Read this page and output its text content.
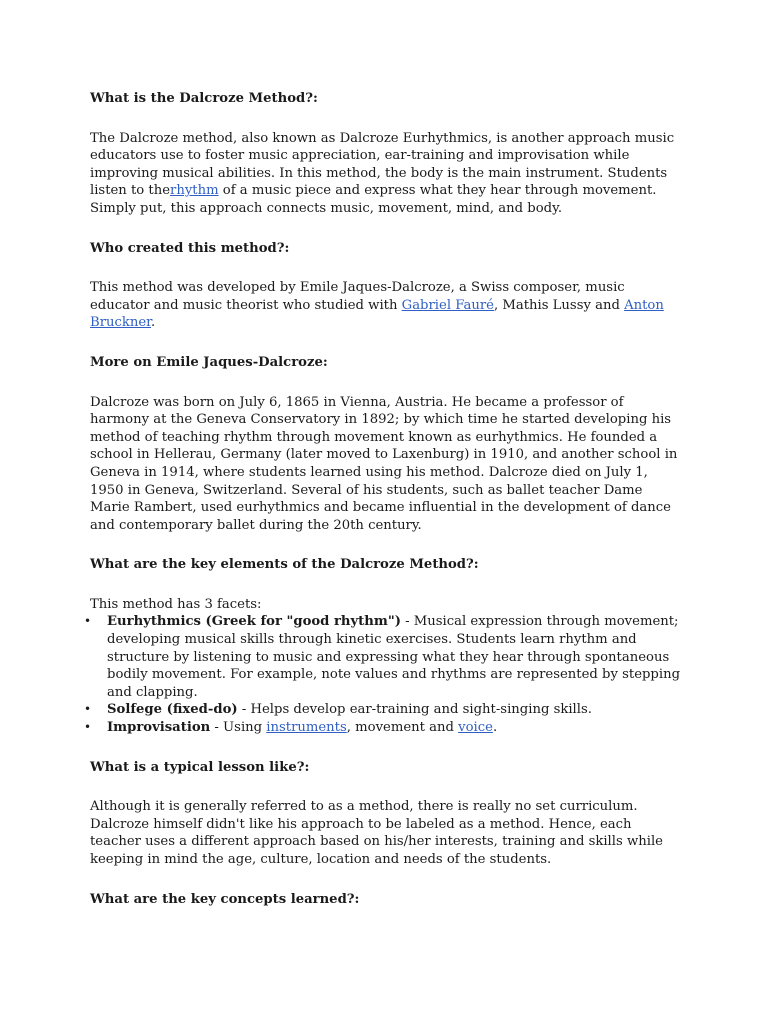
What is the Dalcroze Method?:

The Dalcroze method, also known as Dalcroze Eurhythmics, is another approach music educators use to foster music appreciation, ear-training and improvisation while improving musical abilities. In this method, the body is the main instrument. Students listen to therhythm of a music piece and express what they hear through movement. Simply put, this approach connects music, movement, mind, and body.

Who created this method?:

This method was developed by Emile Jaques-Dalcroze, a Swiss composer, music educator and music theorist who studied with Gabriel Fauré, Mathis Lussy and Anton Bruckner.

More on Emile Jaques-Dalcroze:

Dalcroze was born on July 6, 1865 in Vienna, Austria. He became a professor of harmony at the Geneva Conservatory in 1892; by which time he started developing his method of teaching rhythm through movement known as eurhythmics. He founded a school in Hellerau, Germany (later moved to Laxenburg) in 1910, and another school in Geneva in 1914, where students learned using his method. Dalcroze died on July 1, 1950 in Geneva, Switzerland. Several of his students, such as ballet teacher Dame Marie Rambert, used eurhythmics and became influential in the development of dance and contemporary ballet during the 20th century.

What are the key elements of the Dalcroze Method?:

This method has 3 facets:

• Eurhythmics (Greek for "good rhythm") - Musical expression through movement; developing musical skills through kinetic exercises. Students learn rhythm and structure by listening to music and expressing what they hear through spontaneous bodily movement. For example, note values and rhythms are represented by stepping and clapping.
• Solfege (fixed-do) - Helps develop ear-training and sight-singing skills.
• Improvisation - Using instruments, movement and voice.

What is a typical lesson like?:

Although it is generally referred to as a method, there is really no set curriculum. Dalcroze himself didn't like his approach to be labeled as a method. Hence, each teacher uses a different approach based on his/her interests, training and skills while keeping in mind the age, culture, location and needs of the students.

What are the key concepts learned?:
